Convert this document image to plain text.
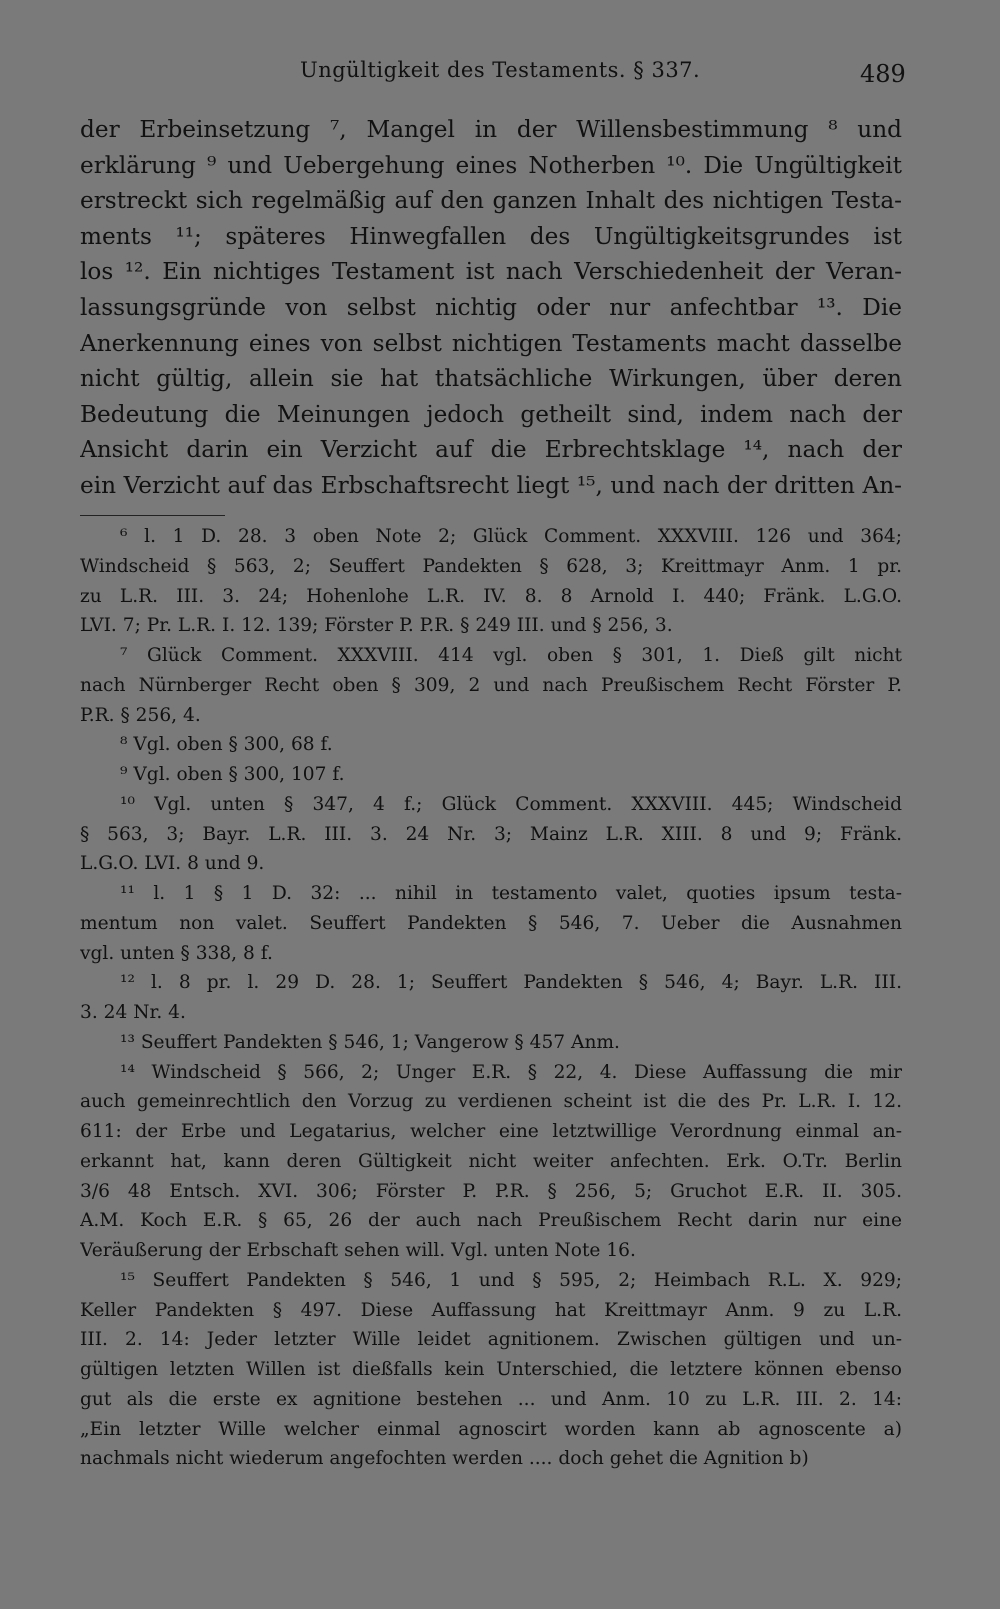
Ungültigkeit des Testaments. § 337.	489
der Erbeinsetzung ⁷, Mangel in der Willensbestimmung ⁸ und
erklärung ⁹ und Uebergehung eines Notherben ¹⁰. Die Ungültigkeit
erstreckt sich regelmäßig auf den ganzen Inhalt des nichtigen Testa-
ments ¹¹; späteres Hinwegfallen des Ungültigkeitsgrundes ist
los ¹². Ein nichtiges Testament ist nach Verschiedenheit der Veran-
lassungsgründe von selbst nichtig oder nur anfechtbar ¹³. Die
Anerkennung eines von selbst nichtigen Testaments macht dasselbe
nicht gültig, allein sie hat thatsächliche Wirkungen, über deren
Bedeutung die Meinungen jedoch getheilt sind, indem nach der
Ansicht darin ein Verzicht auf die Erbrechtsklage ¹⁴, nach der
ein Verzicht auf das Erbschaftsrecht liegt ¹⁵, und nach der dritten An-
⁶ l. 1 D. 28. 3 oben Note 2; Glück Comment. XXXVIII. 126 und 364;
Windscheid § 563, 2; Seuffert Pandekten § 628, 3; Kreittmayr Anm. 1 pr.
zu L.R. III. 3. 24; Hohenlohe L.R. IV. 8. 8 Arnold I. 440; Fränk. L.G.O.
LVI. 7; Pr. L.R. I. 12. 139; Förster P. P.R. § 249 III. und § 256, 3.
⁷ Glück Comment. XXXVIII. 414 vgl. oben § 301, 1. Dieß gilt nicht
nach Nürnberger Recht oben § 309, 2 und nach Preußischem Recht Förster P.
P.R. § 256, 4.
⁸ Vgl. oben § 300, 68 f.
⁹ Vgl. oben § 300, 107 f.
¹⁰ Vgl. unten § 347, 4 f.; Glück Comment. XXXVIII. 445; Windscheid
§ 563, 3; Bayr. L.R. III. 3. 24 Nr. 3; Mainz L.R. XIII. 8 und 9; Fränk.
L.G.O. LVI. 8 und 9.
¹¹ l. 1 § 1 D. 32: ... nihil in testamento valet, quoties ipsum testa-
mentum non valet. Seuffert Pandekten § 546, 7. Ueber die Ausnahmen
vgl. unten § 338, 8 f.
¹² l. 8 pr. l. 29 D. 28. 1; Seuffert Pandekten § 546, 4; Bayr. L.R. III.
3. 24 Nr. 4.
¹³ Seuffert Pandekten § 546, 1; Vangerow § 457 Anm.
¹⁴ Windscheid § 566, 2; Unger E.R. § 22, 4. Diese Auffassung die mir
auch gemeinrechtlich den Vorzug zu verdienen scheint ist die des Pr. L.R. I. 12.
611: der Erbe und Legatarius, welcher eine letztwillige Verordnung einmal an-
erkannt hat, kann deren Gültigkeit nicht weiter anfechten. Erk. O.Tr. Berlin
3/6 48 Entsch. XVI. 306; Förster P. P.R. § 256, 5; Gruchot E.R. II. 305.
A.M. Koch E.R. § 65, 26 der auch nach Preußischem Recht darin nur eine
Veräußerung der Erbschaft sehen will. Vgl. unten Note 16.
¹⁵ Seuffert Pandekten § 546, 1 und § 595, 2; Heimbach R.L. X. 929;
Keller Pandekten § 497. Diese Auffassung hat Kreittmayr Anm. 9 zu L.R.
III. 2. 14: Jeder letzter Wille leidet agnitionem. Zwischen gültigen und un-
gültigen letzten Willen ist dießfalls kein Unterschied, die letztere können ebenso
gut als die erste ex agnitione bestehen ... und Anm. 10 zu L.R. III. 2. 14:
„Ein letzter Wille welcher einmal agnoscirt worden kann ab agnoscente a)
nachmals nicht wiederum angefochten werden .... doch gehet die Agnition b)
